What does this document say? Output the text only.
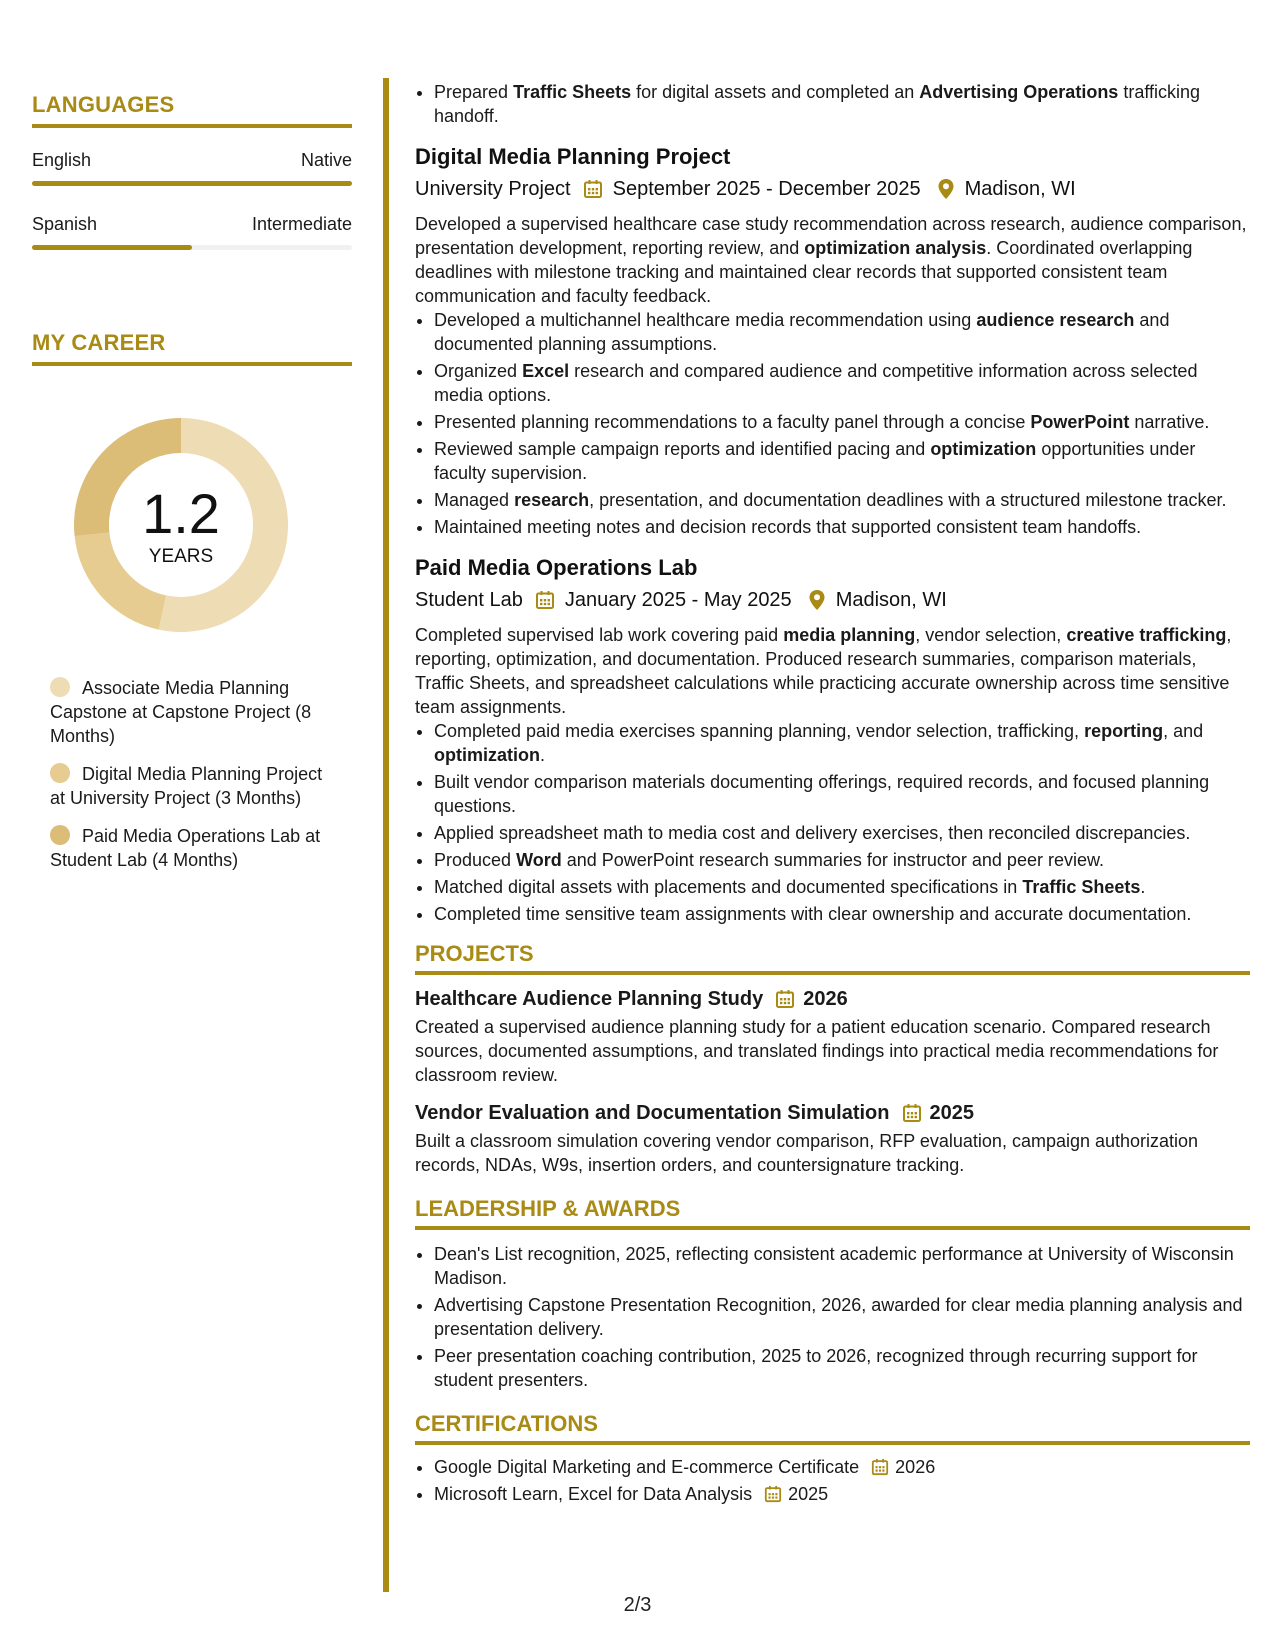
LANGUAGES
English	Native
Spanish	Intermediate
MY CAREER
1.2
YEARS
Associate Media Planning Capstone at Capstone Project (8 Months)
Digital Media Planning Project at University Project (3 Months)
Paid Media Operations Lab at Student Lab (4 Months)
• Prepared Traffic Sheets for digital assets and completed an Advertising Operations trafficking handoff.
Digital Media Planning Project
University Project September 2025 - December 2025 Madison, WI
Developed a supervised healthcare case study recommendation across research, audience comparison, presentation development, reporting review, and optimization analysis. Coordinated overlapping deadlines with milestone tracking and maintained clear records that supported consistent team communication and faculty feedback.
• Developed a multichannel healthcare media recommendation using audience research and documented planning assumptions.
• Organized Excel research and compared audience and competitive information across selected media options.
• Presented planning recommendations to a faculty panel through a concise PowerPoint narrative.
• Reviewed sample campaign reports and identified pacing and optimization opportunities under faculty supervision.
• Managed research, presentation, and documentation deadlines with a structured milestone tracker.
• Maintained meeting notes and decision records that supported consistent team handoffs.
Paid Media Operations Lab
Student Lab January 2025 - May 2025 Madison, WI
Completed supervised lab work covering paid media planning, vendor selection, creative trafficking, reporting, optimization, and documentation. Produced research summaries, comparison materials, Traffic Sheets, and spreadsheet calculations while practicing accurate ownership across time sensitive team assignments.
• Completed paid media exercises spanning planning, vendor selection, trafficking, reporting, and optimization.
• Built vendor comparison materials documenting offerings, required records, and focused planning questions.
• Applied spreadsheet math to media cost and delivery exercises, then reconciled discrepancies.
• Produced Word and PowerPoint research summaries for instructor and peer review.
• Matched digital assets with placements and documented specifications in Traffic Sheets.
• Completed time sensitive team assignments with clear ownership and accurate documentation.
PROJECTS
Healthcare Audience Planning Study 2026
Created a supervised audience planning study for a patient education scenario. Compared research sources, documented assumptions, and translated findings into practical media recommendations for classroom review.
Vendor Evaluation and Documentation Simulation 2025
Built a classroom simulation covering vendor comparison, RFP evaluation, campaign authorization records, NDAs, W9s, insertion orders, and countersignature tracking.
LEADERSHIP & AWARDS
• Dean's List recognition, 2025, reflecting consistent academic performance at University of Wisconsin Madison.
• Advertising Capstone Presentation Recognition, 2026, awarded for clear media planning analysis and presentation delivery.
• Peer presentation coaching contribution, 2025 to 2026, recognized through recurring support for student presenters.
CERTIFICATIONS
• Google Digital Marketing and E-commerce Certificate 2026
• Microsoft Learn, Excel for Data Analysis 2025
2/3
